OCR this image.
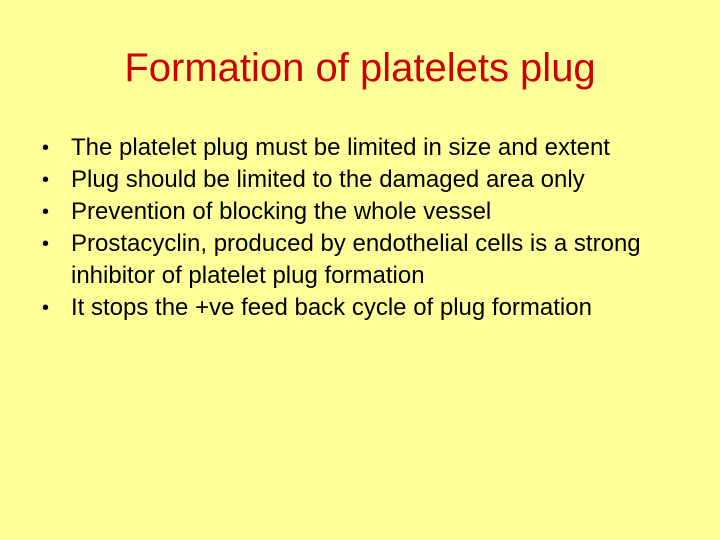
Formation of platelets plug
• The platelet plug must be limited in size and extent
• Plug should be limited to the damaged area only
• Prevention of blocking the whole vessel
• Prostacyclin, produced by endothelial cells is a strong inhibitor of platelet plug formation
• It stops the +ve feed back cycle of plug formation
